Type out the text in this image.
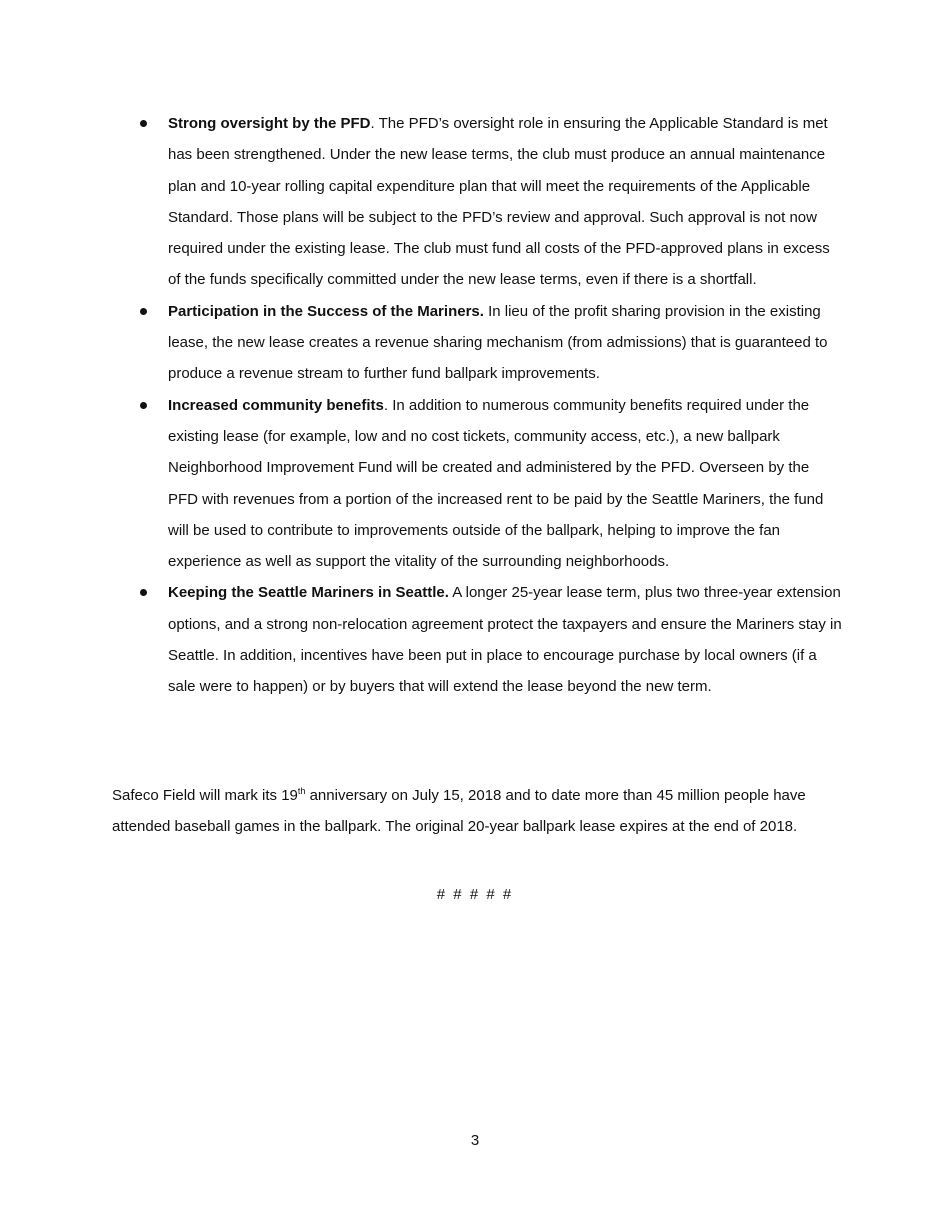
Strong oversight by the PFD. The PFD’s oversight role in ensuring the Applicable Standard is met has been strengthened. Under the new lease terms, the club must produce an annual maintenance plan and 10-year rolling capital expenditure plan that will meet the requirements of the Applicable Standard. Those plans will be subject to the PFD’s review and approval. Such approval is not now required under the existing lease. The club must fund all costs of the PFD-approved plans in excess of the funds specifically committed under the new lease terms, even if there is a shortfall.
Participation in the Success of the Mariners. In lieu of the profit sharing provision in the existing lease, the new lease creates a revenue sharing mechanism (from admissions) that is guaranteed to produce a revenue stream to further fund ballpark improvements.
Increased community benefits. In addition to numerous community benefits required under the existing lease (for example, low and no cost tickets, community access, etc.), a new ballpark Neighborhood Improvement Fund will be created and administered by the PFD. Overseen by the PFD with revenues from a portion of the increased rent to be paid by the Seattle Mariners, the fund will be used to contribute to improvements outside of the ballpark, helping to improve the fan experience as well as support the vitality of the surrounding neighborhoods.
Keeping the Seattle Mariners in Seattle. A longer 25-year lease term, plus two three-year extension options, and a strong non-relocation agreement protect the taxpayers and ensure the Mariners stay in Seattle. In addition, incentives have been put in place to encourage purchase by local owners (if a sale were to happen) or by buyers that will extend the lease beyond the new term.

Safeco Field will mark its 19th anniversary on July 15, 2018 and to date more than 45 million people have attended baseball games in the ballpark. The original 20-year ballpark lease expires at the end of 2018.

# # # # #

3
